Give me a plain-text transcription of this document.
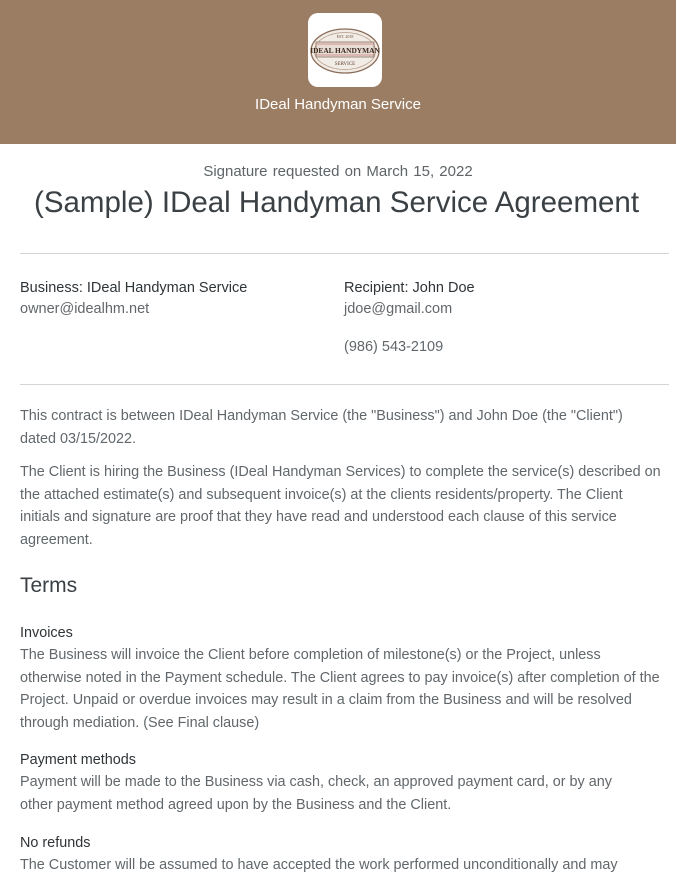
EST. 2018
IDEAL HANDYMAN
SERVICE
IDeal Handyman Service
Signature requested on March 15, 2022
(Sample) IDeal Handyman Service Agreement
Business: IDeal Handyman Service
owner@idealhm.net
Recipient: John Doe
jdoe@gmail.com
(986) 543-2109
This contract is between IDeal Handyman Service (the "Business") and John Doe (the "Client")
dated 03/15/2022.
The Client is hiring the Business (IDeal Handyman Services) to complete the service(s) described on
the attached estimate(s) and subsequent invoice(s) at the clients residents/property. The Client
initials and signature are proof that they have read and understood each clause of this service
agreement.
Terms
Invoices
The Business will invoice the Client before completion of milestone(s) or the Project, unless
otherwise noted in the Payment schedule. The Client agrees to pay invoice(s) after completion of the
Project. Unpaid or overdue invoices may result in a claim from the Business and will be resolved
through mediation. (See Final clause)
Payment methods
Payment will be made to the Business via cash, check, an approved payment card, or by any
other payment method agreed upon by the Business and the Client.
No refunds
The Customer will be assumed to have accepted the work performed unconditionally and may
